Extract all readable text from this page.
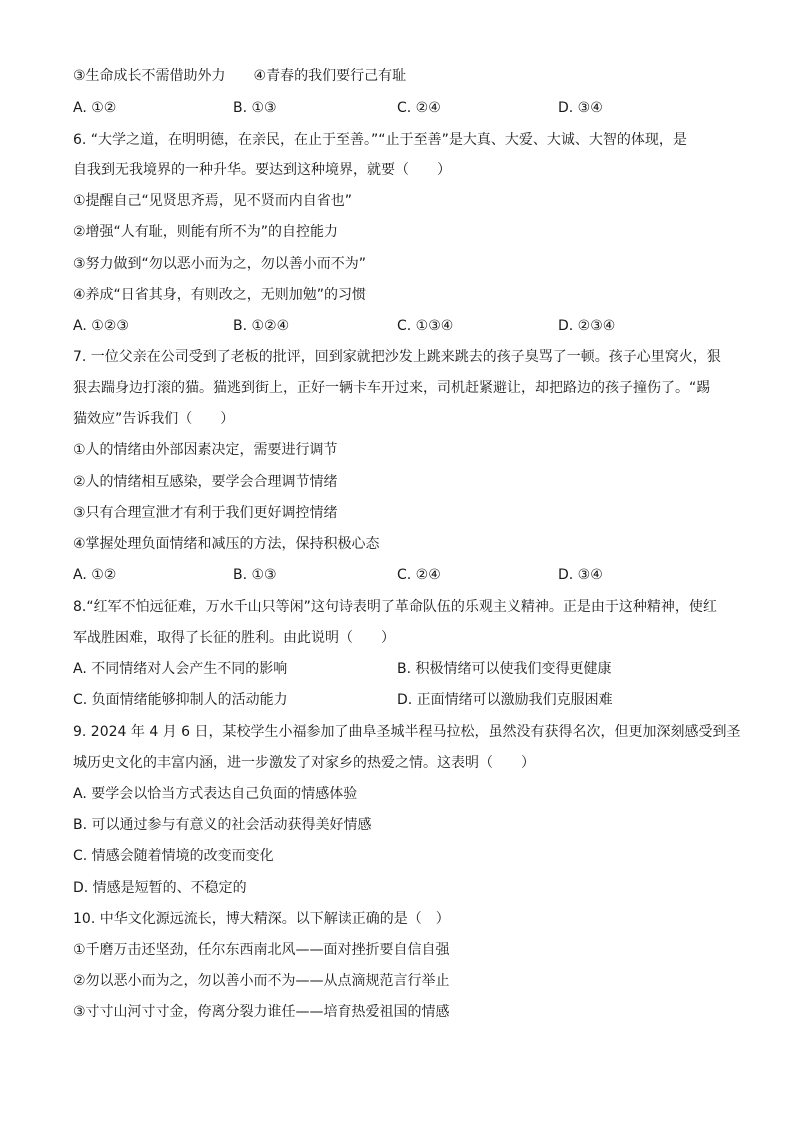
③生命成长不需借助外力　　④青春的我们要行己有耻
A. ①②	B. ①③	C. ②④	D. ③④
6. “大学之道，在明明德，在亲民，在止于至善。”“止于至善”是大真、大爱、大诚、大智的体现，是
自我到无我境界的一种升华。要达到这种境界，就要（　　）
①提醒自己“见贤思齐焉，见不贤而内自省也”
②增强“人有耻，则能有所不为”的自控能力
③努力做到“勿以恶小而为之，勿以善小而不为”
④养成“日省其身，有则改之，无则加勉”的习惯
A. ①②③	B. ①②④	C. ①③④	D. ②③④
7. 一位父亲在公司受到了老板的批评，回到家就把沙发上跳来跳去的孩子臭骂了一顿。孩子心里窝火，狠
狠去踹身边打滚的猫。猫逃到街上，正好一辆卡车开过来，司机赶紧避让，却把路边的孩子撞伤了。“踢
猫效应”告诉我们（　　）
①人的情绪由外部因素决定，需要进行调节
②人的情绪相互感染，要学会合理调节情绪
③只有合理宣泄才有利于我们更好调控情绪
④掌握处理负面情绪和减压的方法，保持积极心态
A. ①②	B. ①③	C. ②④	D. ③④
8.“红军不怕远征难，万水千山只等闲”这句诗表明了革命队伍的乐观主义精神。正是由于这种精神，使红
军战胜困难，取得了长征的胜利。由此说明（　　）
A. 不同情绪对人会产生不同的影响	B. 积极情绪可以使我们变得更健康
C. 负面情绪能够抑制人的活动能力	D. 正面情绪可以激励我们克服困难
9. 2024 年 4 月 6 日，某校学生小福参加了曲阜圣城半程马拉松，虽然没有获得名次，但更加深刻感受到圣
城历史文化的丰富内涵，进一步激发了对家乡的热爱之情。这表明（　　）
A. 要学会以恰当方式表达自己负面的情感体验
B. 可以通过参与有意义的社会活动获得美好情感
C. 情感会随着情境的改变而变化
D. 情感是短暂的、不稳定的
10. 中华文化源远流长，博大精深。以下解读正确的是（　）
①千磨万击还坚劲，任尔东西南北风——面对挫折要自信自强
②勿以恶小而为之，勿以善小而不为——从点滴规范言行举止
③寸寸山河寸寸金，侉离分裂力谁任——培育热爱祖国的情感
